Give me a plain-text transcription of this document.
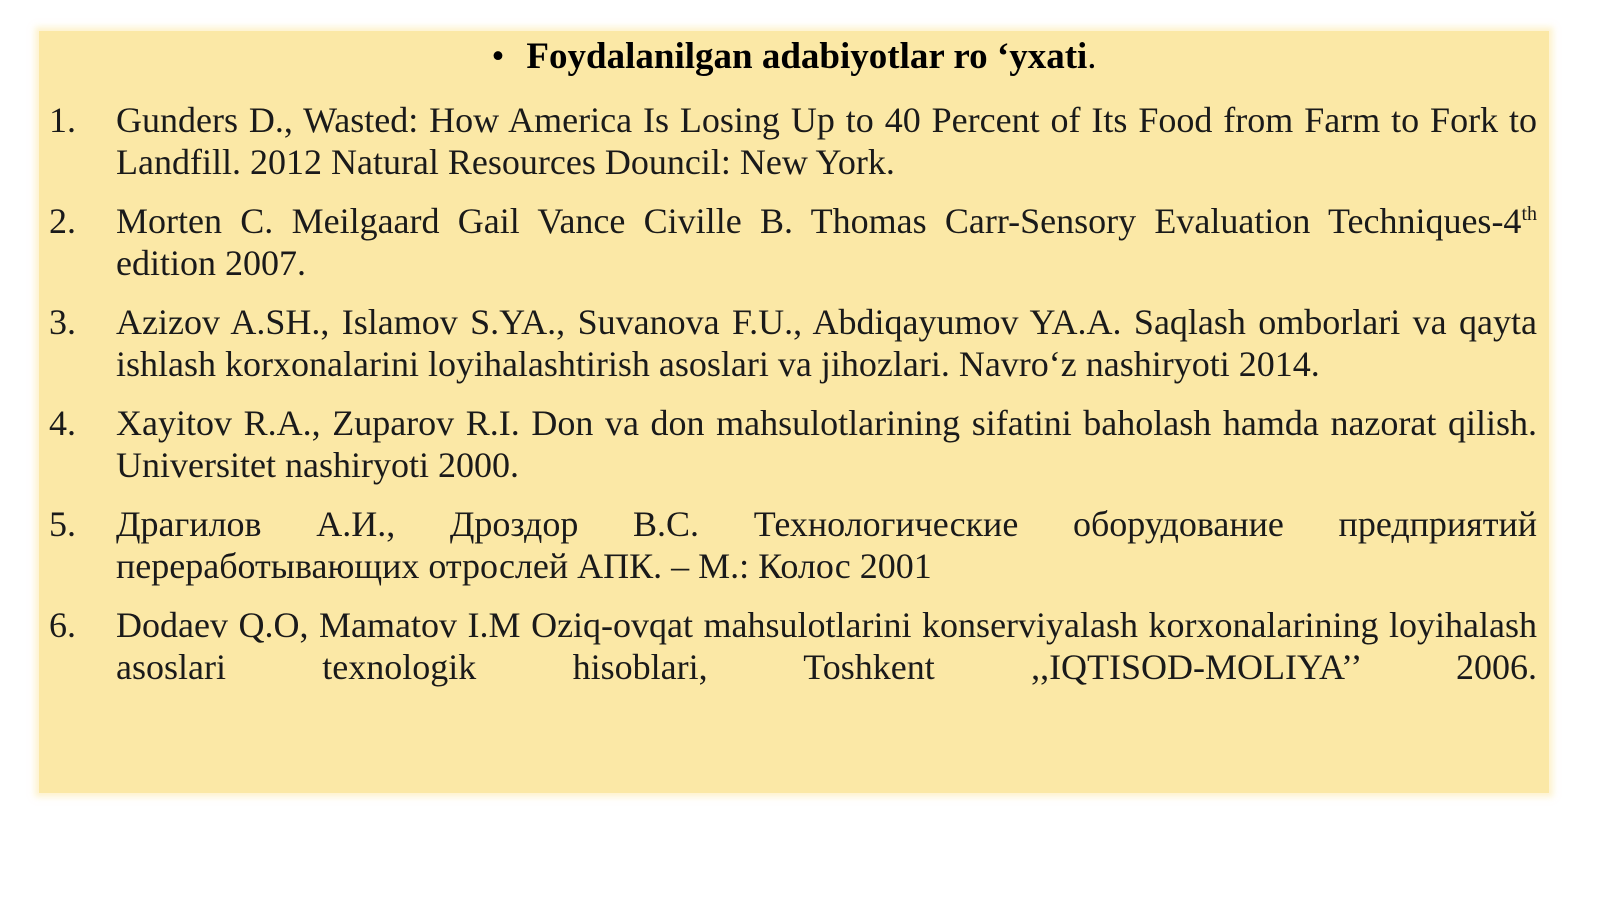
• Foydalanilgan adabiyotlar ro ‘yxati.
1. Gunders D., Wasted: How America Is Losing Up to 40 Percent of Its Food from Farm to Fork to Landfill. 2012 Natural Resources Douncil: New York.
2. Morten C. Meilgaard Gail Vance Civille B. Thomas Carr-Sensory Evaluation Techniques-4th edition 2007.
3. Azizov A.SH., Islamov S.YA., Suvanova F.U., Abdiqayumov YA.A. Saqlash omborlari va qayta ishlash korxonalarini loyihalashtirish asoslari va jihozlari. Navro‘z nashiryoti 2014.
4. Xayitov R.A., Zuparov R.I. Don va don mahsulotlarining sifatini baholash hamda nazorat qilish. Universitet nashiryoti 2000.
5. Драгилов А.И., Дроздор В.С. Технологические оборудование предприятий переработывающих отрослей АПК. – М.: Колос 2001
6. Dodaev Q.O, Mamatov I.M Oziq-ovqat mahsulotlarini konserviyalash korxonalarining loyihalash asoslari texnologik hisoblari, Toshkent ,,IQTISOD-MOLIYA’’ 2006.
